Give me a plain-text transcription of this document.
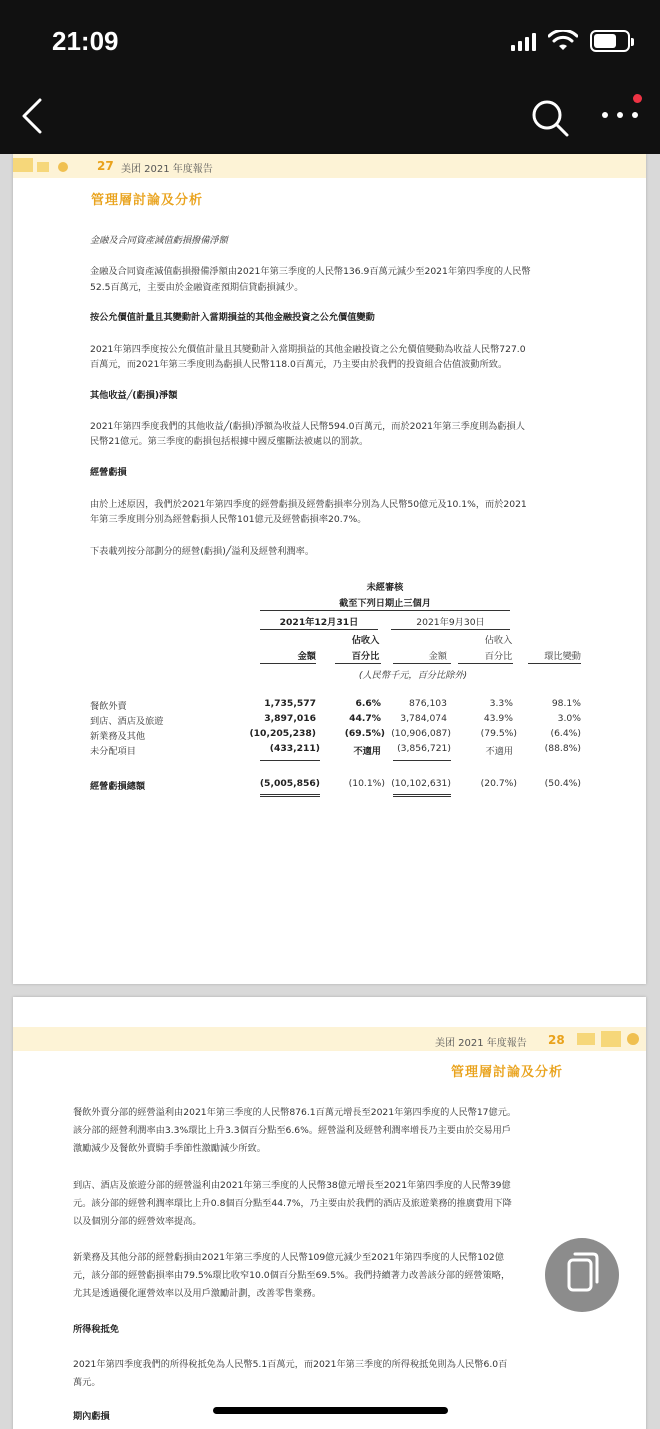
21:09
27 美团 2021 年度報告
管理層討論及分析
金融及合同資產減值虧損撥備淨額
金融及合同資產減值虧損撥備淨額由2021年第三季度的人民幣136.9百萬元減少至2021年第四季度的人民幣
52.5百萬元，主要由於金融資產預期信貸虧損減少。
按公允價值計量且其變動計入當期損益的其他金融投資之公允價值變動
2021年第四季度按公允價值計量且其變動計入當期損益的其他金融投資之公允價值變動為收益人民幣727.0
百萬元，而2021年第三季度則為虧損人民幣118.0百萬元，乃主要由於我們的投資組合估值波動所致。
其他收益╱(虧損)淨額
2021年第四季度我們的其他收益╱(虧損)淨額為收益人民幣594.0百萬元，而於2021年第三季度則為虧損人
民幣21億元。第三季度的虧損包括根據中國反壟斷法被處以的罰款。
經營虧損
由於上述原因，我們於2021年第四季度的經營虧損及經營虧損率分別為人民幣50億元及10.1%，而於2021
年第三季度則分別為經營虧損人民幣101億元及經營虧損率20.7%。
下表載列按分部劃分的經營(虧損)╱溢利及經營利潤率。
未經審核
截至下列日期止三個月
2021年12月31日	2021年9月30日
佔收入	佔收入
金額	百分比	金額	百分比	環比變動
(人民幣千元，百分比除外)
餐飲外賣	1,735,577	6.6%	876,103	3.3%	98.1%
到店、酒店及旅遊	3,897,016	44.7%	3,784,074	43.9%	3.0%
新業務及其他	(10,205,238)	(69.5%) (10,906,087)	(79.5%)	(6.4%)
未分配項目	(433,211)	不適用	(3,856,721)	不適用	(88.8%)
經營虧損總額	(5,005,856)	(10.1%) (10,102,631)	(20.7%)	(50.4%)
美团 2021 年度報告 28
管理層討論及分析
餐飲外賣分部的經營溢利由2021年第三季度的人民幣876.1百萬元增長至2021年第四季度的人民幣17億元。
該分部的經營利潤率由3.3%環比上升3.3個百分點至6.6%。經營溢利及經營利潤率增長乃主要由於交易用戶
激勵減少及餐飲外賣騎手季節性激勵減少所致。
到店、酒店及旅遊分部的經營溢利由2021年第三季度的人民幣38億元增長至2021年第四季度的人民幣39億
元。該分部的經營利潤率環比上升0.8個百分點至44.7%，乃主要由於我們的酒店及旅遊業務的推廣費用下降
以及個別分部的經營效率提高。
新業務及其他分部的經營虧損由2021年第三季度的人民幣109億元減少至2021年第四季度的人民幣102億
元，該分部的經營虧損率由79.5%環比收窄10.0個百分點至69.5%。我們持續著力改善該分部的經營策略，
尤其是透過優化運營效率以及用戶激勵計劃，改善零售業務。
所得稅抵免
2021年第四季度我們的所得稅抵免為人民幣5.1百萬元，而2021年第三季度的所得稅抵免則為人民幣6.0百
萬元。
期內虧損
